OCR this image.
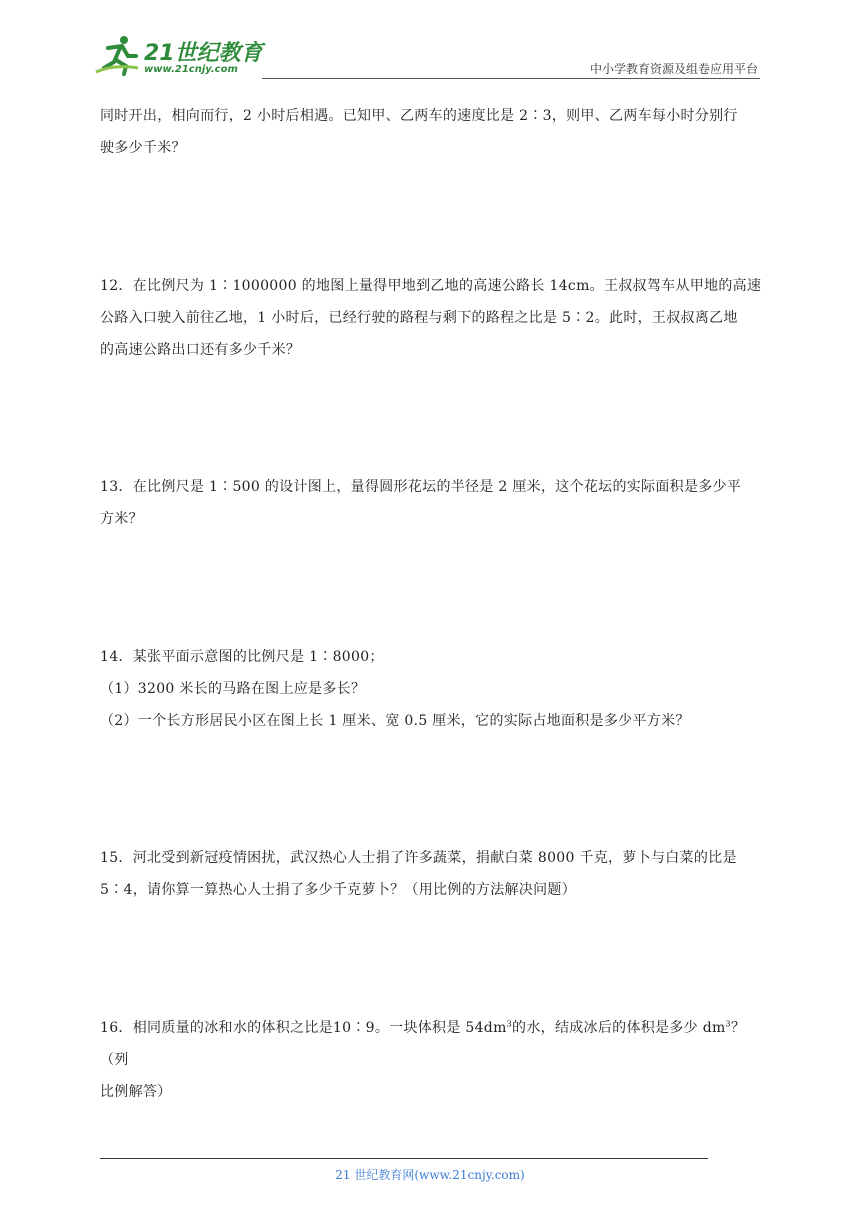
21世纪教育
www.21cnjy.com	中小学教育资源及组卷应用平台

同时开出，相向而行，2 小时后相遇。已知甲、乙两车的速度比是 2∶3，则甲、乙两车每小时分别行

驶多少千米？

12．在比例尺为 1∶1000000 的地图上量得甲地到乙地的高速公路长 14cm。王叔叔驾车从甲地的高速

公路入口驶入前往乙地，1 小时后，已经行驶的路程与剩下的路程之比是 5∶2。此时，王叔叔离乙地

的高速公路出口还有多少千米？

13．在比例尺是 1∶500 的设计图上，量得圆形花坛的半径是 2 厘米，这个花坛的实际面积是多少平

方米？

14．某张平面示意图的比例尺是 1∶8000；

（1）3200 米长的马路在图上应是多长？

（2）一个长方形居民小区在图上长 1 厘米、宽 0.5 厘米，它的实际占地面积是多少平方米？

15．河北受到新冠疫情困扰，武汉热心人士捐了许多蔬菜，捐献白菜 8000 千克，萝卜与白菜的比是

5∶4，请你算一算热心人士捐了多少千克萝卜？（用比例的方法解决问题）

16．相同质量的冰和水的体积之比是10∶9。一块体积是 $54dm^3$的水，结成冰后的体积是多少 $dm^3$？（列

比例解答）

21 世纪教育网(www.21cnjy.com)
